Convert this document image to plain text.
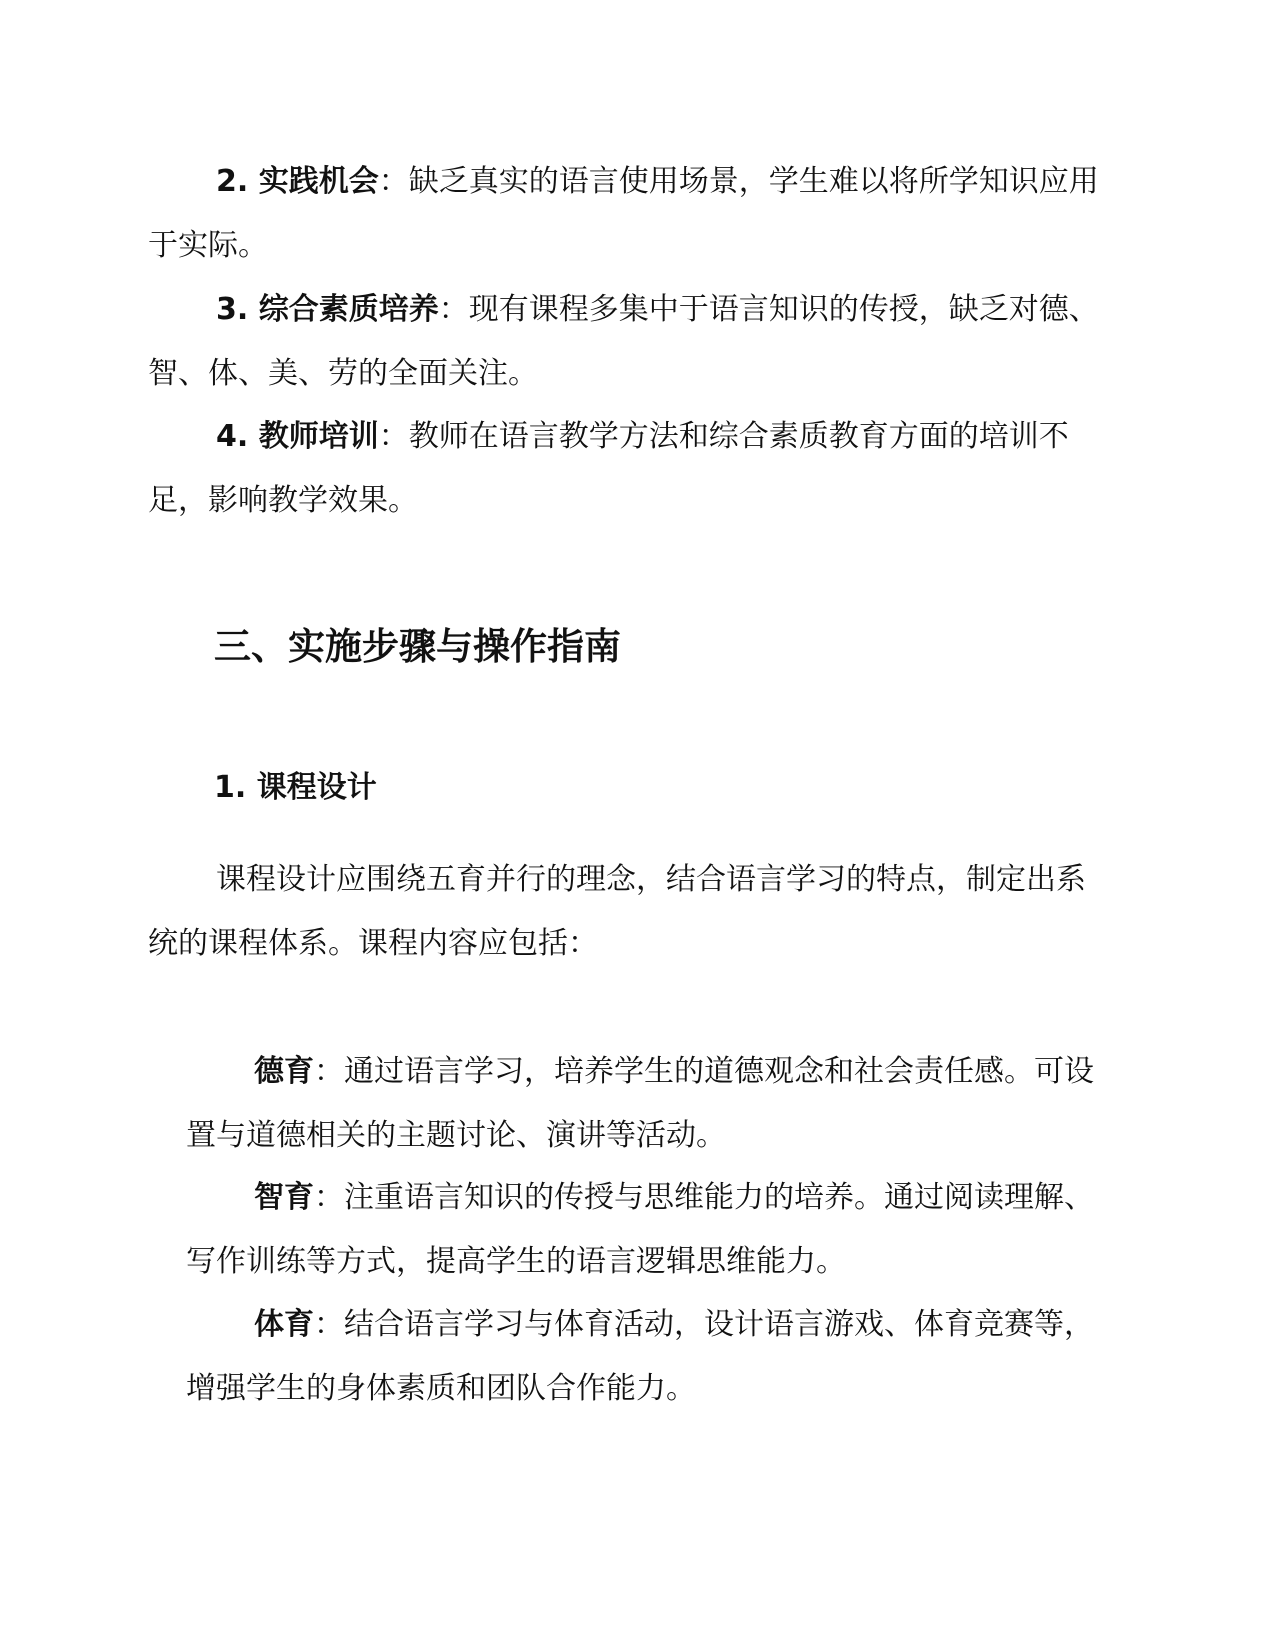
2. 实践机会：缺乏真实的语言使用场景，学生难以将所学知识应用于实际。

3. 综合素质培养：现有课程多集中于语言知识的传授，缺乏对德、智、体、美、劳的全面关注。

4. 教师培训：教师在语言教学方法和综合素质教育方面的培训不足，影响教学效果。

三、实施步骤与操作指南
1. 课程设计

课程设计应围绕五育并行的理念，结合语言学习的特点，制定出系统的课程体系。课程内容应包括：

德育：通过语言学习，培养学生的道德观念和社会责任感。可设置与道德相关的主题讨论、演讲等活动。

智育：注重语言知识的传授与思维能力的培养。通过阅读理解、写作训练等方式，提高学生的语言逻辑思维能力。

体育：结合语言学习与体育活动，设计语言游戏、体育竞赛等，增强学生的身体素质和团队合作能力。
